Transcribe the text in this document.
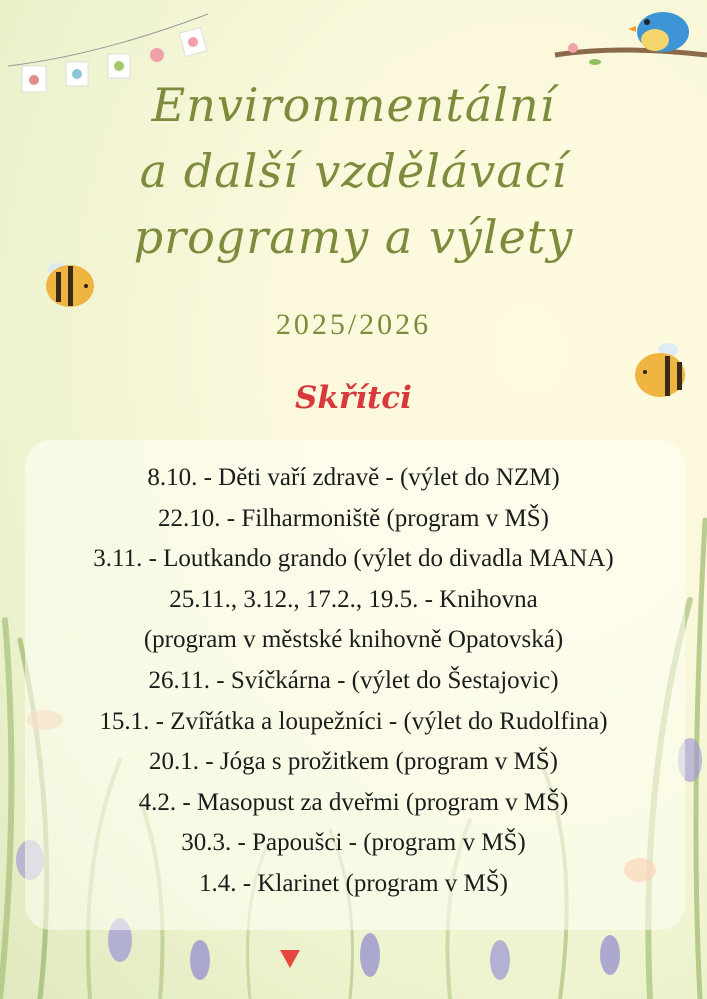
Environmentální
a další vzdělávací
programy a výlety
2025/2026
Skřítci
8.10. - Děti vaří zdravě - (výlet do NZM)
22.10. - Filharmoniště (program v MŠ)
3.11. - Loutkando grando (výlet do divadla MANA)
25.11., 3.12., 17.2., 19.5. - Knihovna
(program v městské knihovně Opatovská)
26.11. - Svíčkárna - (výlet do Šestajovic)
15.1. - Zvířátka a loupežníci - (výlet do Rudolfina)
20.1. - Jóga s prožitkem (program v MŠ)
4.2. - Masopust za dveřmi (program v MŠ)
30.3. - Papoušci - (program v MŠ)
1.4. - Klarinet (program v MŠ)
